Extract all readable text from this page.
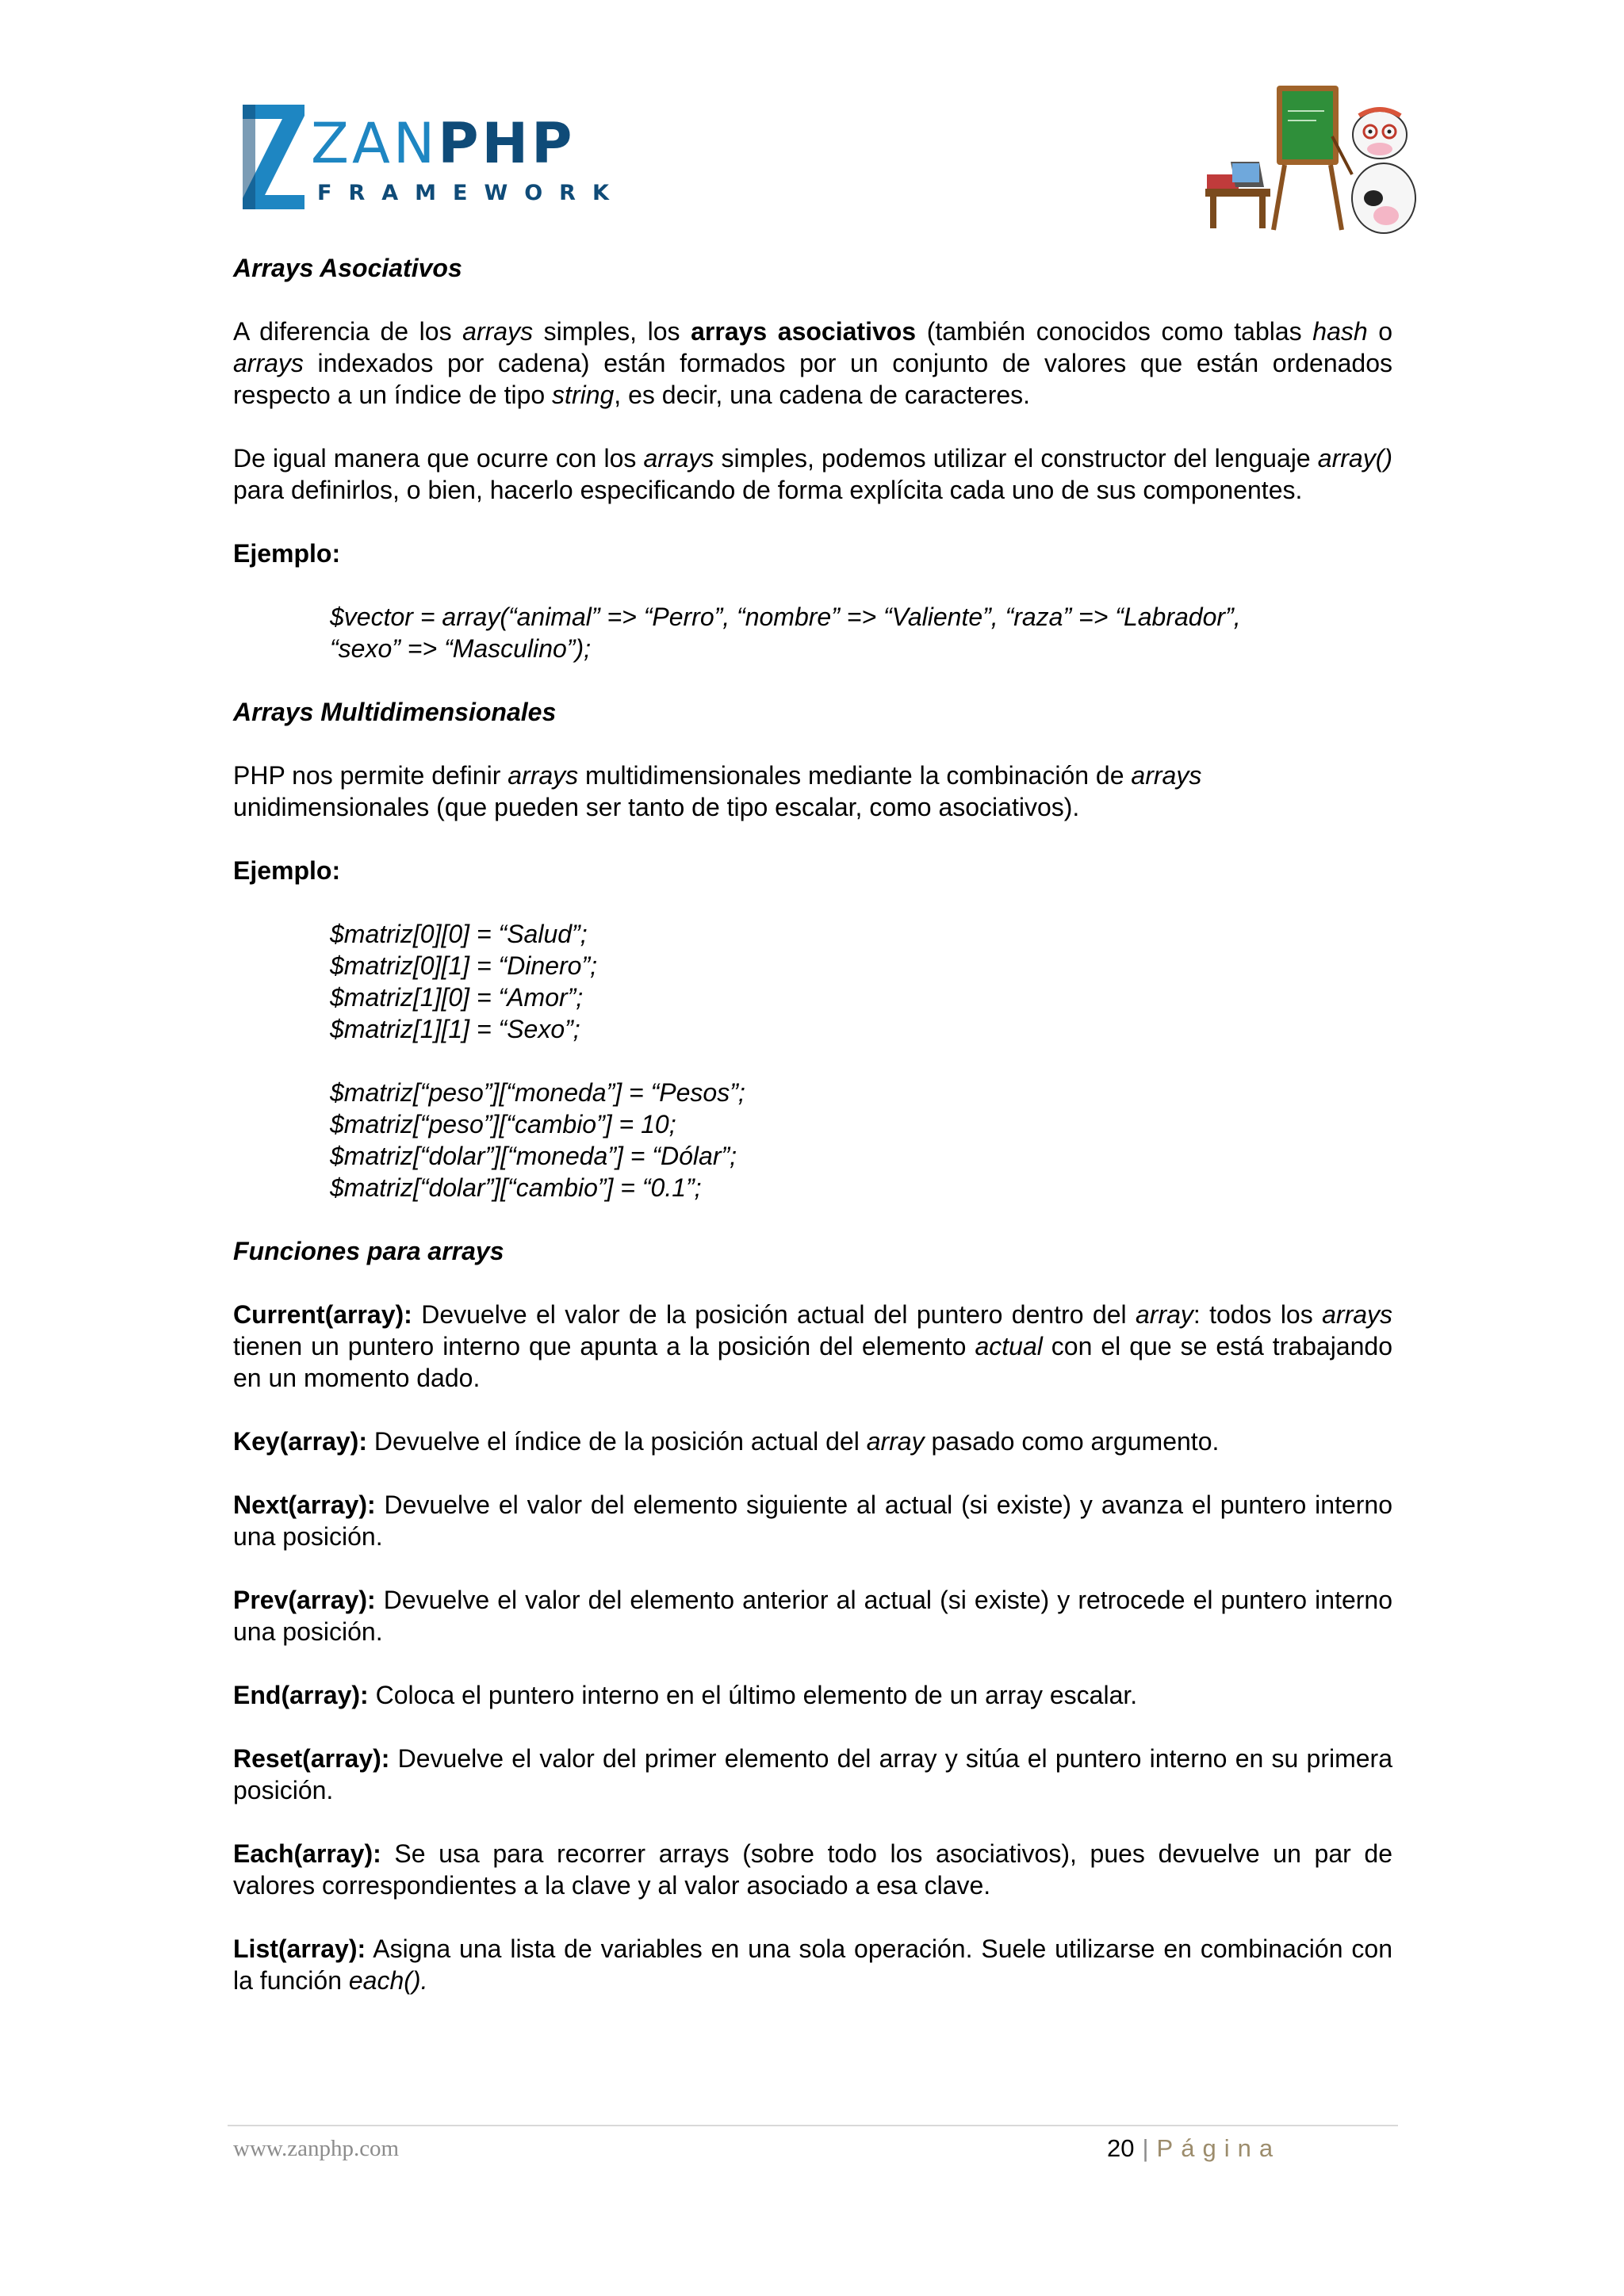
ZANPHP
FRAMEWORK

Arrays Asociativos

A diferencia de los arrays simples, los arrays asociativos (también conocidos como tablas hash o arrays indexados por cadena) están formados por un conjunto de valores que están ordenados respecto a un índice de tipo string, es decir, una cadena de caracteres.

De igual manera que ocurre con los arrays simples, podemos utilizar el constructor del lenguaje array() para definirlos, o bien, hacerlo especificando de forma explícita cada uno de sus componentes.

Ejemplo:

$vector = array(“animal” => “Perro”, “nombre” => “Valiente”, “raza” => “Labrador”,
“sexo” => “Masculino”);

Arrays Multidimensionales

PHP nos permite definir arrays multidimensionales mediante la combinación de arrays
unidimensionales (que pueden ser tanto de tipo escalar, como asociativos).

Ejemplo:

$matriz[0][0] = “Salud”;
$matriz[0][1] = “Dinero”;
$matriz[1][0] = “Amor”;
$matriz[1][1] = “Sexo”;
$matriz[“peso”][“moneda”] = “Pesos”;
$matriz[“peso”][“cambio”] = 10;
$matriz[“dolar”][“moneda”] = “Dólar”;
$matriz[“dolar”][“cambio”] = “0.1”;

Funciones para arrays

Current(array): Devuelve el valor de la posición actual del puntero dentro del array: todos los arrays tienen un puntero interno que apunta a la posición del elemento actual con el que se está trabajando en un momento dado.

Key(array): Devuelve el índice de la posición actual del array pasado como argumento.

Next(array): Devuelve el valor del elemento siguiente al actual (si existe) y avanza el puntero interno una posición.

Prev(array): Devuelve el valor del elemento anterior al actual (si existe) y retrocede el puntero interno una posición.

End(array): Coloca el puntero interno en el último elemento de un array escalar.

Reset(array): Devuelve el valor del primer elemento del array y sitúa el puntero interno en su primera posición.

Each(array): Se usa para recorrer arrays (sobre todo los asociativos), pues devuelve un par de valores correspondientes a la clave y al valor asociado a esa clave.

List(array): Asigna una lista de variables en una sola operación. Suele utilizarse en combinación con la función each().

www.zanphp.com	20 | Página
